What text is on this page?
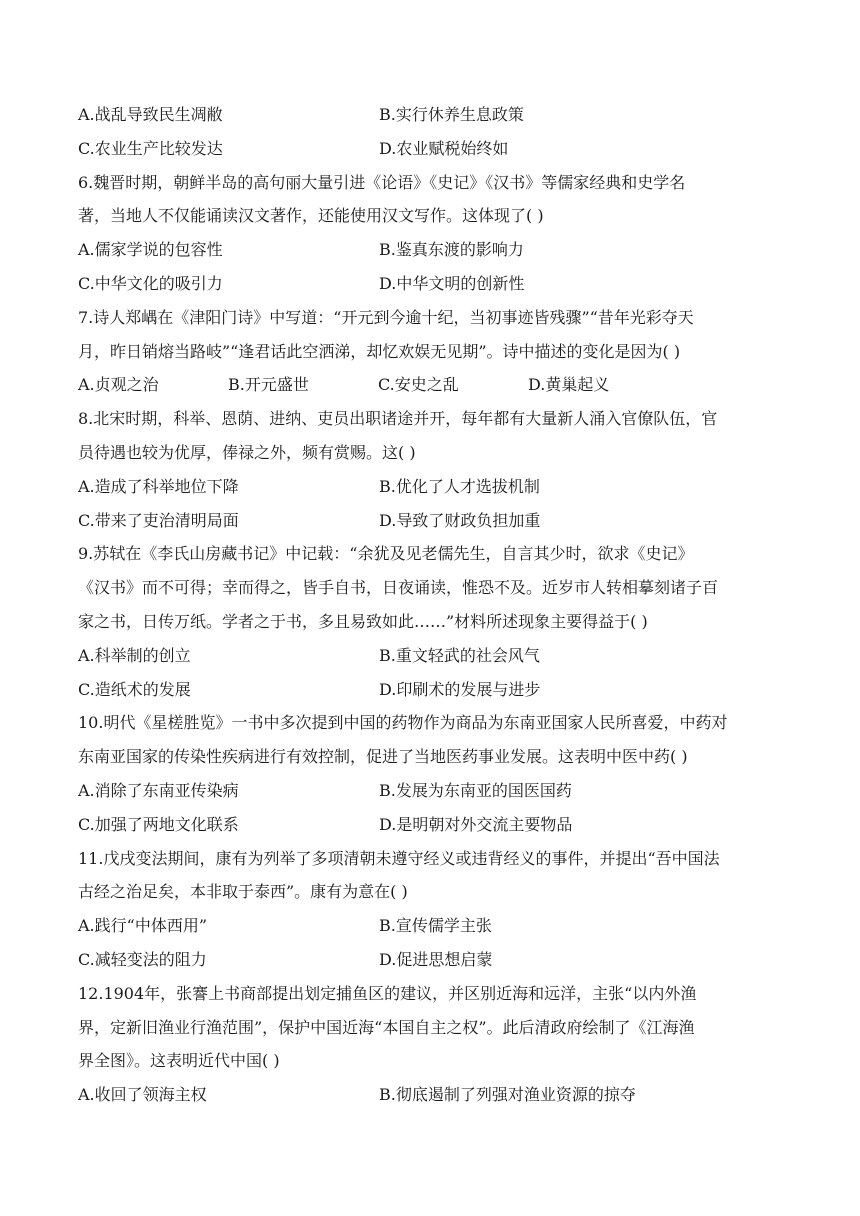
A.战乱导致民生凋敝	B.实行休养生息政策
C.农业生产比较发达	D.农业赋税始终如
6.魏晋时期，朝鲜半岛的高句丽大量引进《论语》《史记》《汉书》等儒家经典和史学名
著，当地人不仅能诵读汉文著作，还能使用汉文写作。这体现了( )
A.儒家学说的包容性	B.鉴真东渡的影响力
C.中华文化的吸引力	D.中华文明的创新性
7.诗人郑嵎在《津阳门诗》中写道：“开元到今逾十纪，当初事迹皆残骤”“昔年光彩夺天
月，昨日销熔当路岐”“逢君话此空洒涕，却忆欢娱无见期”。诗中描述的变化是因为( )
A.贞观之治	B.开元盛世	C.安史之乱	D.黄巢起义
8.北宋时期，科举、恩荫、进纳、吏员出职诸途并开，每年都有大量新人涌入官僚队伍，官
员待遇也较为优厚，俸禄之外，频有赏赐。这( )
A.造成了科举地位下降	B.优化了人才选拔机制
C.带来了吏治清明局面	D.导致了财政负担加重
9.苏轼在《李氏山房藏书记》中记载：“余犹及见老儒先生，自言其少时，欲求《史记》
《汉书》而不可得；幸而得之，皆手自书，日夜诵读，惟恐不及。近岁市人转相摹刻诸子百
家之书，日传万纸。学者之于书，多且易致如此……”材料所述现象主要得益于( )
A.科举制的创立	B.重文轻武的社会风气
C.造纸术的发展	D.印刷术的发展与进步
10.明代《星槎胜览》一书中多次提到中国的药物作为商品为东南亚国家人民所喜爱，中药对
东南亚国家的传染性疾病进行有效控制，促进了当地医药事业发展。这表明中医中药( )
A.消除了东南亚传染病	B.发展为东南亚的国医国药
C.加强了两地文化联系	D.是明朝对外交流主要物品
11.戊戌变法期间，康有为列举了多项清朝未遵守经义或违背经义的事件，并提出“吾中国法
古经之治足矣，本非取于泰西”。康有为意在( )
A.践行“中体西用”	B.宣传儒学主张
C.减轻变法的阻力	D.促进思想启蒙
12.1904年，张謇上书商部提出划定捕鱼区的建议，并区别近海和远洋，主张“以内外渔
界，定新旧渔业行渔范围”，保护中国近海“本国自主之权”。此后清政府绘制了《江海渔
界全图》。这表明近代中国( )
A.收回了领海主权	B.彻底遏制了列强对渔业资源的掠夺
